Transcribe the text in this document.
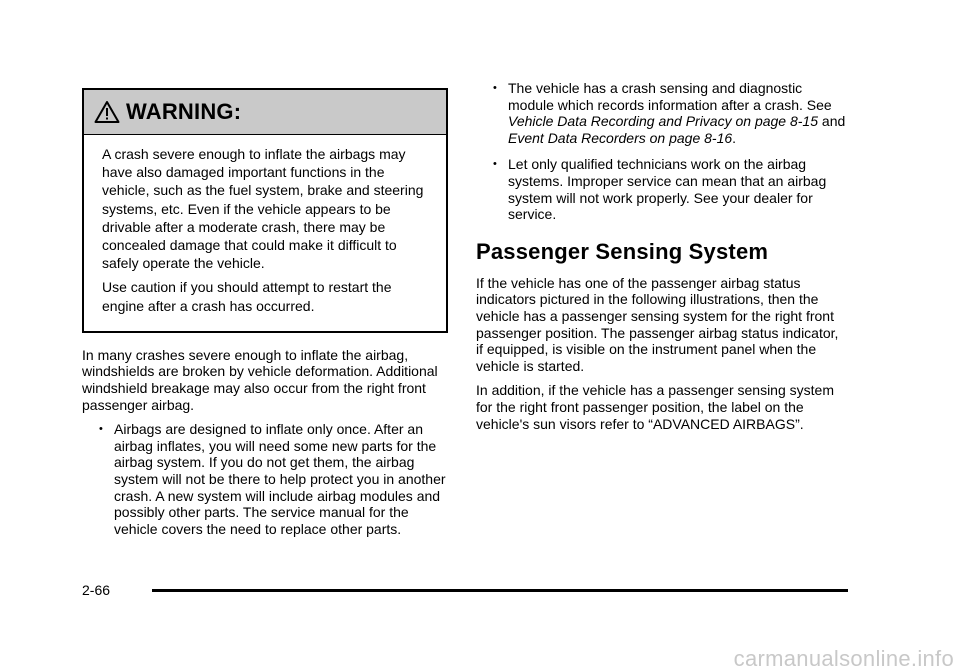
WARNING:

A crash severe enough to inflate the airbags may have also damaged important functions in the vehicle, such as the fuel system, brake and steering systems, etc. Even if the vehicle appears to be drivable after a moderate crash, there may be concealed damage that could make it difficult to safely operate the vehicle.

Use caution if you should attempt to restart the engine after a crash has occurred.

In many crashes severe enough to inflate the airbag, windshields are broken by vehicle deformation. Additional windshield breakage may also occur from the right front passenger airbag.

• Airbags are designed to inflate only once. After an airbag inflates, you will need some new parts for the airbag system. If you do not get them, the airbag system will not be there to help protect you in another crash. A new system will include airbag modules and possibly other parts. The service manual for the vehicle covers the need to replace other parts.
• The vehicle has a crash sensing and diagnostic module which records information after a crash. See Vehicle Data Recording and Privacy on page 8-15 and Event Data Recorders on page 8-16.
• Let only qualified technicians work on the airbag systems. Improper service can mean that an airbag system will not work properly. See your dealer for service.
Passenger Sensing System

If the vehicle has one of the passenger airbag status indicators pictured in the following illustrations, then the vehicle has a passenger sensing system for the right front passenger position. The passenger airbag status indicator, if equipped, is visible on the instrument panel when the vehicle is started.

In addition, if the vehicle has a passenger sensing system for the right front passenger position, the label on the vehicle's sun visors refer to “ADVANCED AIRBAGS”.

2-66
carmanualsonline.info
